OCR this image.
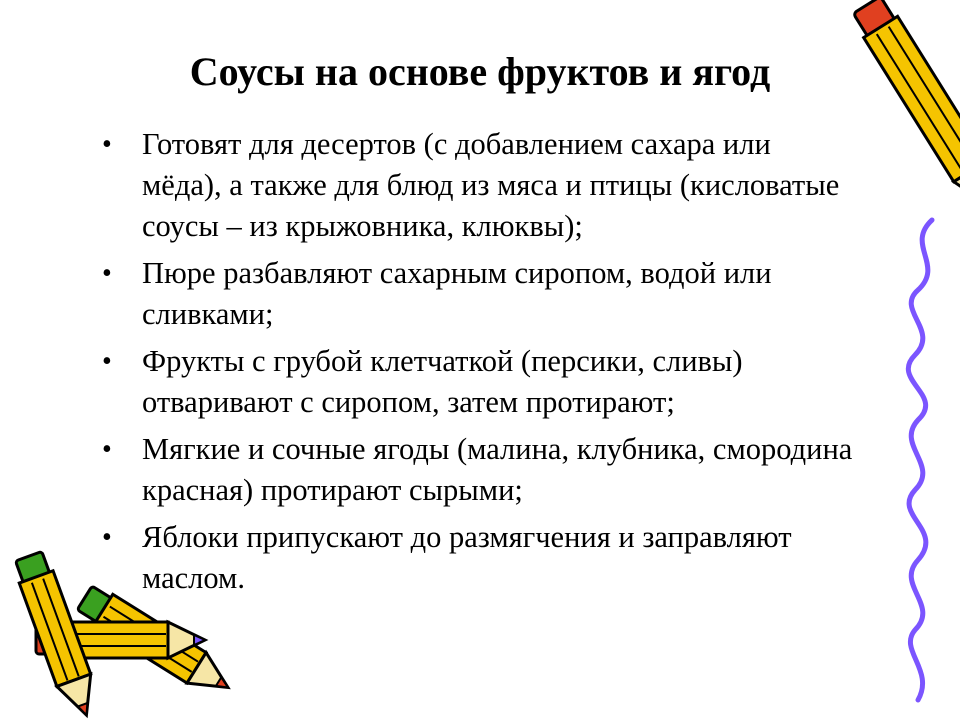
Соусы на основе фруктов и ягод
• Готовят для десертов (с добавлением сахара или мёда), а также для блюд из мяса и птицы (кисловатые соусы – из крыжовника, клюквы);
• Пюре разбавляют сахарным сиропом, водой или сливками;
• Фрукты с грубой клетчаткой (персики, сливы) отваривают с сиропом, затем протирают;
• Мягкие и сочные ягоды (малина, клубника, смородина красная) протирают сырыми;
• Яблоки припускают до размягчения и заправляют маслом.
